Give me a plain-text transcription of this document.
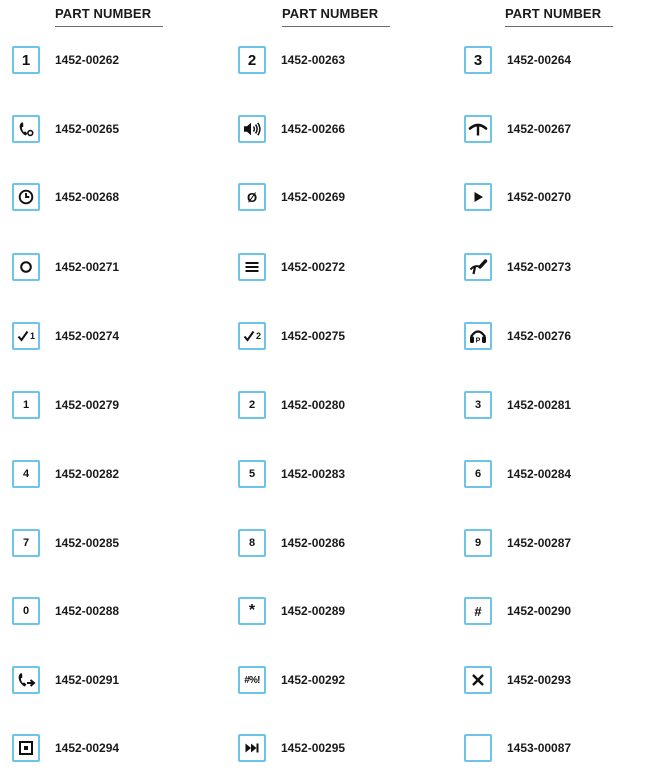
PART NUMBER	PART NUMBER	PART NUMBER
1 1452-00262	2 1452-00263	3 1452-00264
1452-00265	1452-00266	1452-00267
1452-00268	Ø 1452-00269	1452-00270
1452-00271	1452-00272	1452-00273
1 1452-00274	2 1452-00275	P 1452-00276
1 1452-00279	2 1452-00280	3 1452-00281
4 1452-00282	5 1452-00283	6 1452-00284
7 1452-00285	8 1452-00286	9 1452-00287
0 1452-00288	* 1452-00289	# 1452-00290
1452-00291	#%! 1452-00292	1452-00293
1452-00294	1452-00295	1453-00087
